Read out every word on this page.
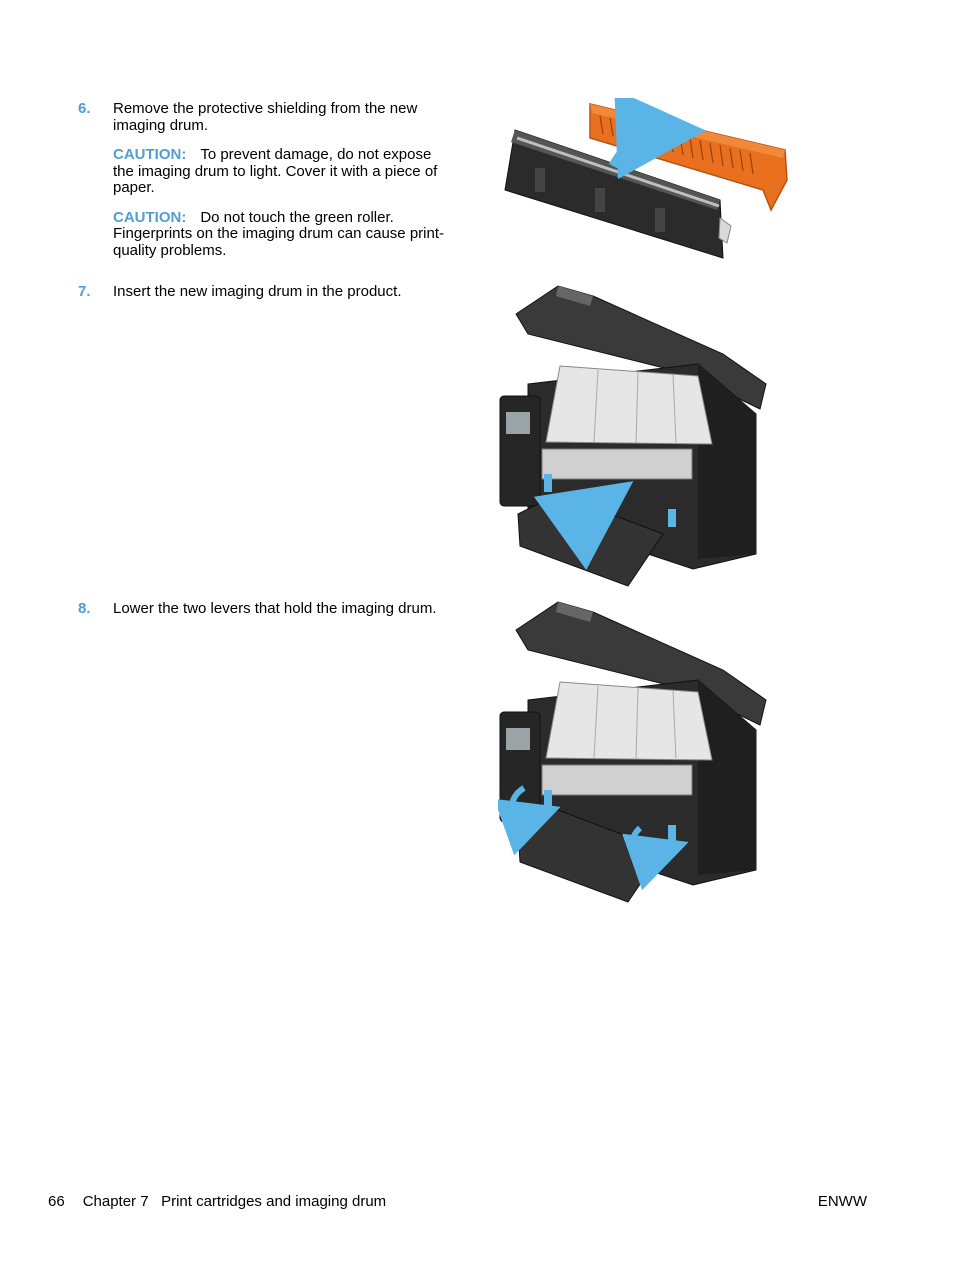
6. Remove the protective shielding from the new imaging drum.
CAUTION: To prevent damage, do not expose the imaging drum to light. Cover it with a piece of paper.
CAUTION: Do not touch the green roller. Fingerprints on the imaging drum can cause print-quality problems.
7. Insert the new imaging drum in the product.
8. Lower the two levers that hold the imaging drum.
66 Chapter 7   Print cartridges and imaging drum	ENWW
